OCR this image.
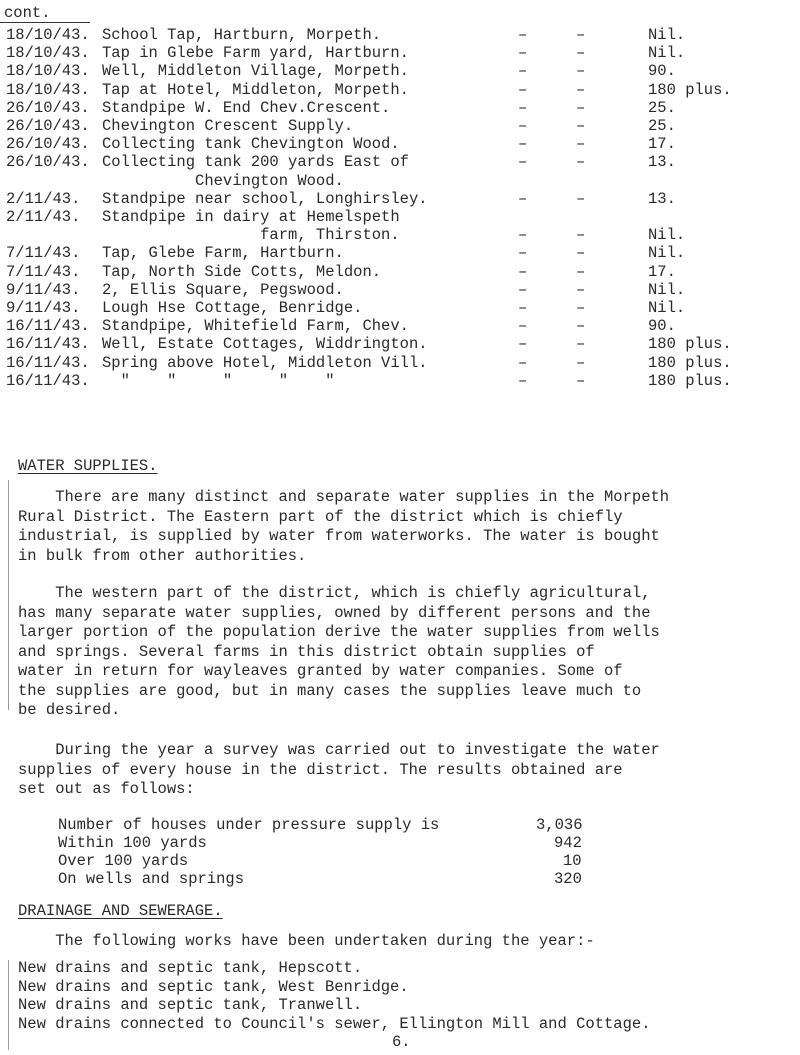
cont.
18/10/43. School Tap, Hartburn, Morpeth.	–	–	Nil.
18/10/43. Tap in Glebe Farm yard, Hartburn.	–	–	Nil.
18/10/43. Well, Middleton Village, Morpeth.	–	–	90.
18/10/43. Tap at Hotel, Middleton, Morpeth.	–	–	180 plus.
26/10/43. Standpipe W. End Chev.Crescent.	–	–	25.
26/10/43. Chevington Crescent Supply.	–	–	25.
26/10/43. Collecting tank Chevington Wood.	–	–	17.
26/10/43. Collecting tank 200 yards East of	–	–	13.
Chevington Wood.
2/11/43. Standpipe near school, Longhirsley.	–	–	13.
2/11/43. Standpipe in dairy at Hemelspeth
farm, Thirston.	–	–	Nil.
7/11/43. Tap, Glebe Farm, Hartburn.	–	–	Nil.
7/11/43. Tap, North Side Cotts, Meldon.	–	–	17.
9/11/43. 2, Ellis Square, Pegswood.	–	–	Nil.
9/11/43. Lough Hse Cottage, Benridge.	–	–	Nil.
16/11/43. Standpipe, Whitefield Farm, Chev.	–	–	90.
16/11/43. Well, Estate Cottages, Widdrington.	–	–	180 plus.
16/11/43. Spring above Hotel, Middleton Vill.	–	–	180 plus.
16/11/43. "    "     "     "    "	–	–	180 plus.
WATER SUPPLIES.
There are many distinct and separate water supplies in the Morpeth
Rural District. The Eastern part of the district which is chiefly
industrial, is supplied by water from waterworks. The water is bought
in bulk from other authorities.
The western part of the district, which is chiefly agricultural,
has many separate water supplies, owned by different persons and the
larger portion of the population derive the water supplies from wells
and springs. Several farms in this district obtain supplies of
water in return for wayleaves granted by water companies. Some of
the supplies are good, but in many cases the supplies leave much to
be desired.
During the year a survey was carried out to investigate the water
supplies of every house in the district. The results obtained are
set out as follows:
Number of houses under pressure supply is	3,036
Within 100 yards	942
Over 100 yards	10
On wells and springs	320
DRAINAGE AND SEWERAGE.
The following works have been undertaken during the year:-
New drains and septic tank, Hepscott.
New drains and septic tank, West Benridge.
New drains and septic tank, Tranwell.
New drains connected to Council's sewer, Ellington Mill and Cottage.
6.
